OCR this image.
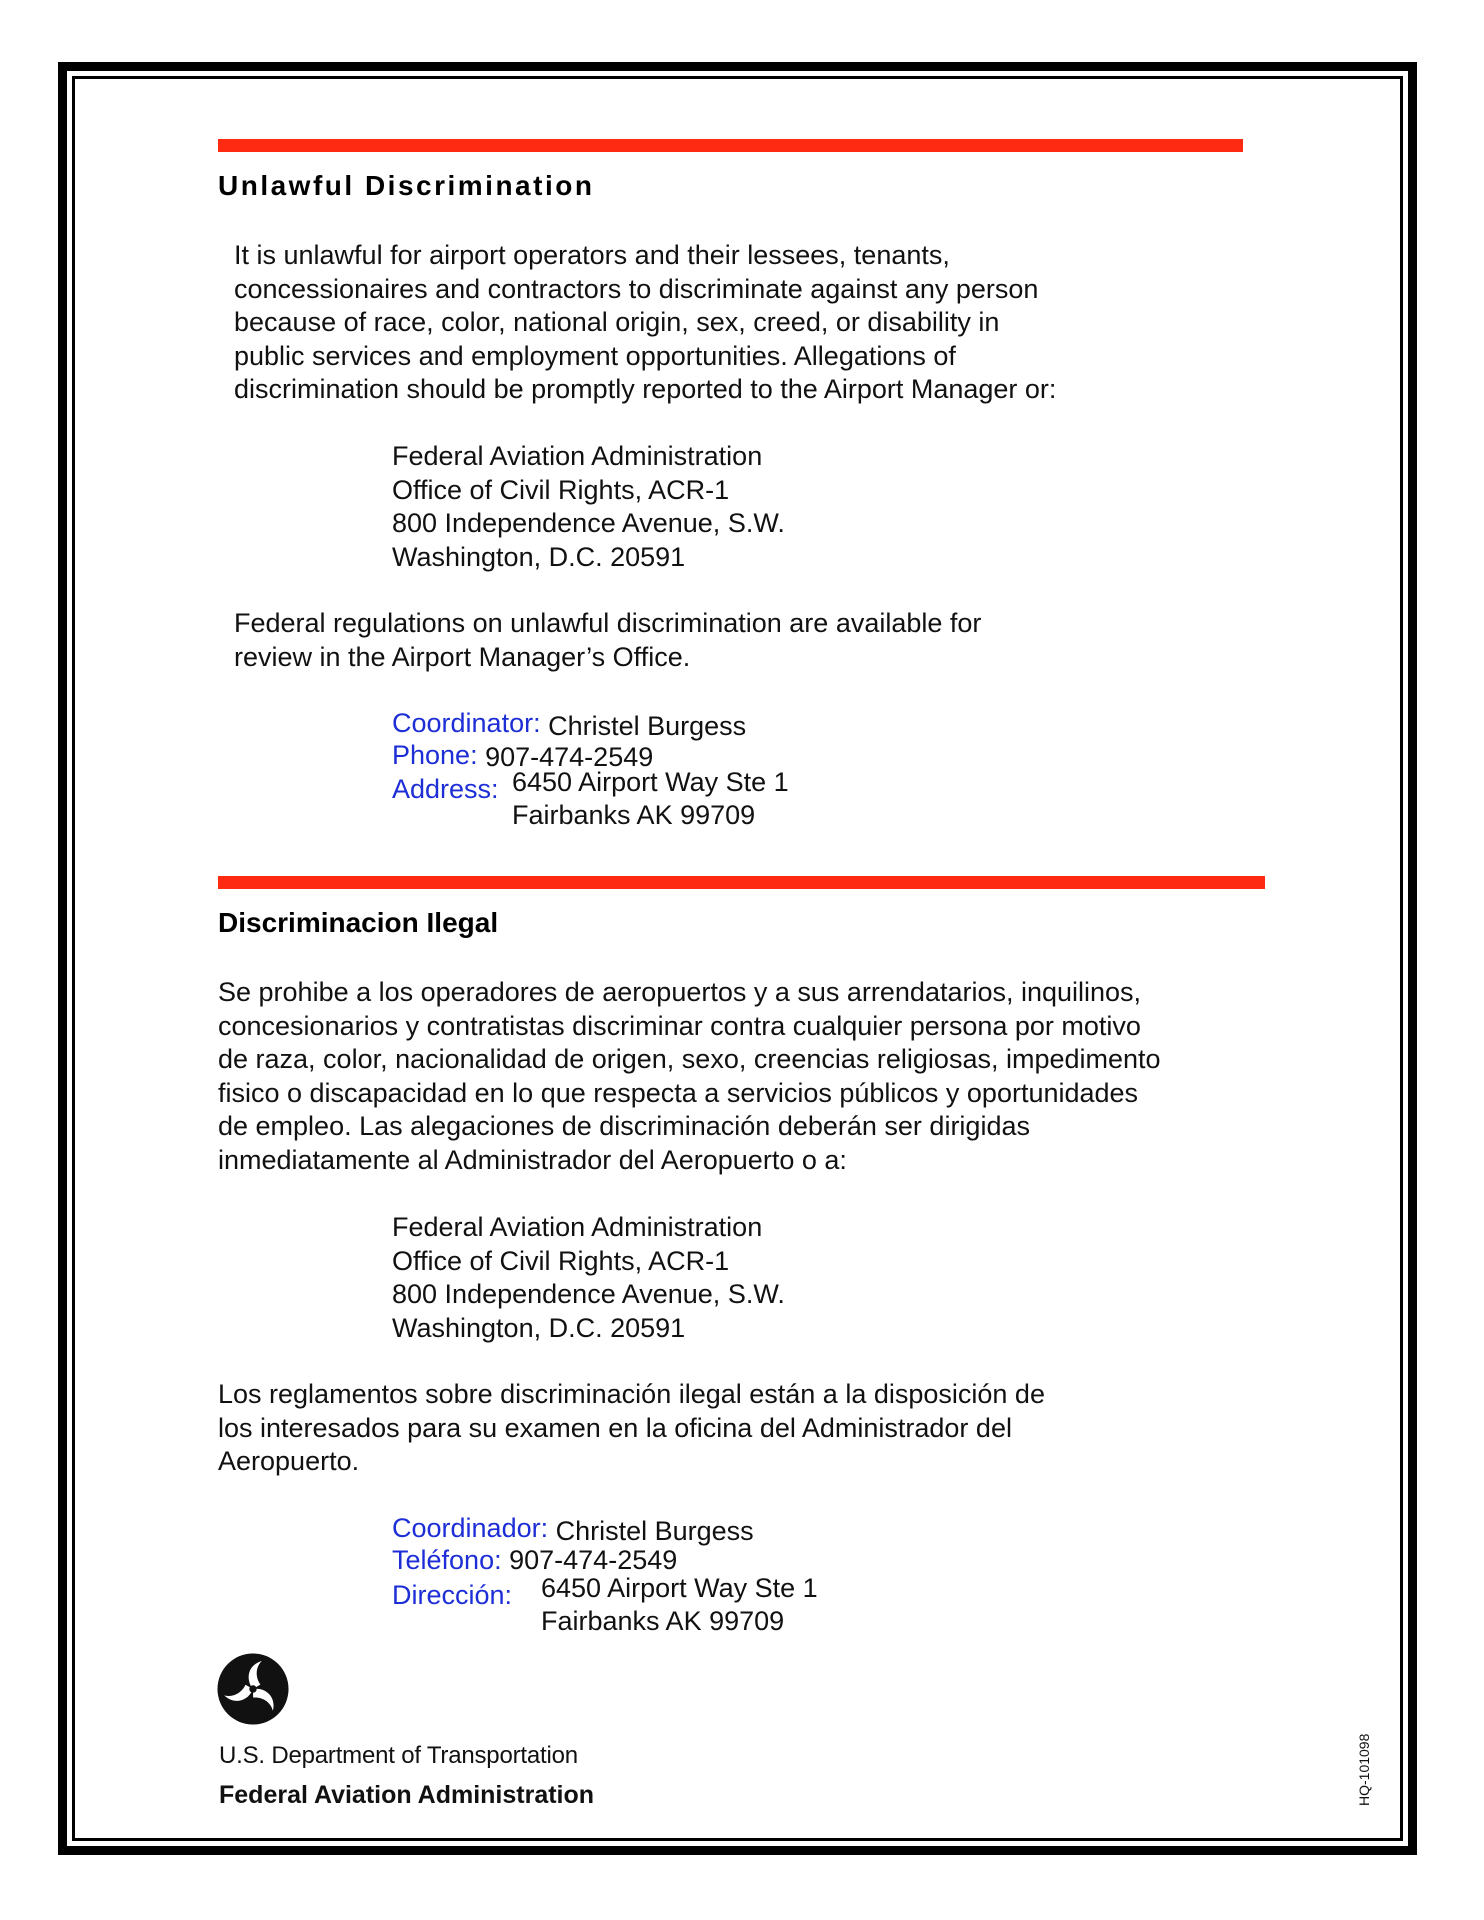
Unlawful Discrimination

It is unlawful for airport operators and their lessees, tenants,
concessionaires and contractors to discriminate against any person
because of race, color, national origin, sex, creed, or disability in
public services and employment opportunities. Allegations of
discrimination should be promptly reported to the Airport Manager or:

Federal Aviation Administration
Office of Civil Rights, ACR-1
800 Independence Avenue, S.W.
Washington, D.C. 20591

Federal regulations on unlawful discrimination are available for
review in the Airport Manager’s Office.

Coordinator: Christel Burgess
Phone: 907-474-2549
Address: 6450 Airport Way Ste 1
Fairbanks AK 99709
Discriminacion Ilegal

Se prohibe a los operadores de aeropuertos y a sus arrendatarios, inquilinos,
concesionarios y contratistas discriminar contra cualquier persona por motivo
de raza, color, nacionalidad de origen, sexo, creencias religiosas, impedimento
fisico o discapacidad en lo que respecta a servicios públicos y oportunidades
de empleo. Las alegaciones de discriminación deberán ser dirigidas
inmediatamente al Administrador del Aeropuerto o a:

Federal Aviation Administration
Office of Civil Rights, ACR-1
800 Independence Avenue, S.W.
Washington, D.C. 20591

Los reglamentos sobre discriminación ilegal están a la disposición de
los interesados para su examen en la oficina del Administrador del
Aeropuerto.

Coordinador: Christel Burgess
Teléfono: 907-474-2549
Dirección: 6450 Airport Way Ste 1
Fairbanks AK 99709
U.S. Department of Transportation
Federal Aviation Administration	HQ-101098
